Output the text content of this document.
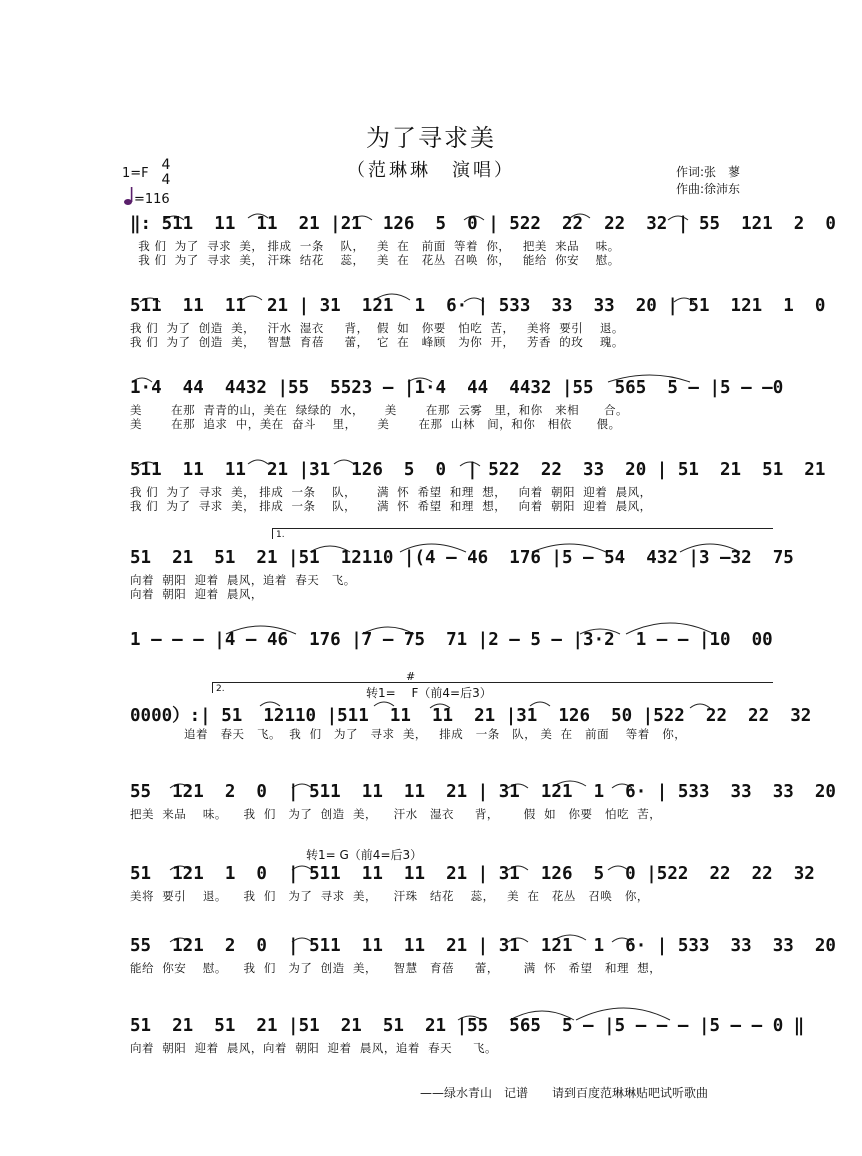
为了寻求美
（范琳琳　演唱）	作词:张　蓼
作曲:徐沛东
1=F
4
4
=116
‖: 511  11  11  21 |21  126  5  0 | 522  22  22  32 | 55  121  2  0
我 们  为了  寻求  美， 排成  一条    队，   美  在   前面  等着  你，   把美  来品    味。
我 们  为了  寻求  美， 汗珠  结花    蕊，   美  在   花丛  召唤  你，   能给  你安    慰。
511  11  11  21 | 31  121  1  6· | 533  33  33  20 | 51  121  1  0
我 们  为了  创造  美，   汗水  湿衣     背，  假  如   你要   怕吃  苦，   美将  要引    退。
我 们  为了  创造  美，   智慧  育蓓     蕾，  它  在   峰顾   为你  开，   芳香  的玫    瑰。
1·4  44  4432 |55  5523 — |1·4  44  4432 |55  565  5 — |5 — —0
美       在那  青青的山，美在  绿绿的  水，     美       在那  云雾   里，和你   来相      合。
美       在那  追求  中，美在  奋斗    里，     美       在那  山林   间，和你   相依      偎。
511  11  11  21 |31  126  5  0  | 522  22  33  20 | 51  21  51  21
我 们  为了  寻求  美， 排成  一条    队，     满  怀  希望  和理  想，   向着  朝阳  迎着  晨风，
我 们  为了  寻求  美， 排成  一条    队，     满  怀  希望  和理  想，   向着  朝阳  迎着  晨风，
1.
51  21  51  21 |51  12110 |(4 — 46  176 |5 — 54  432 |3 —32  75
向着  朝阳  迎着  晨风，追着  春天   飞。
向着  朝阳  迎着  晨风，
1 — — — |4 — 46  176 |7 — 75  71 |2 — 5 — |3·2  1 — — |10  00
2.	转1=　 F（前4=后3）
#
0000）:| 51  12110 |511  11  11  21 |31  126  50 |522  22  22  32
追着   春天   飞。  我  们   为了   寻求  美，   排成   一条   队， 美  在   前面    等着   你，
55  121  2  0  | 511  11  11  21 | 31  121  1  6· | 533  33  33  20
把美  来品    味。    我  们   为了  创造  美，    汗水   湿衣     背，      假  如   你要   怕吃  苦，
转1= G（前4=后3）
51  121  1  0  | 511  11  11  21 | 31  126  5  0 |522  22  22  32
美将  要引    退。    我  们   为了  寻求  美，    汗珠   结花    蕊，   美  在   花丛   召唤   你，
55  121  2  0  | 511  11  11  21 | 31  121  1  6· | 533  33  33  20
能给  你安    慰。    我  们   为了  创造  美，    智慧   育蓓     蕾，      满  怀   希望   和理  想，
51  21  51  21 |51  21  51  21 |55  565  5 — |5 — — — |5 — — 0 ‖
向着  朝阳  迎着  晨风，向着  朝阳  迎着  晨风，追着  春天     飞。
——绿水青山　记谱　　请到百度范琳琳贴吧试听歌曲
